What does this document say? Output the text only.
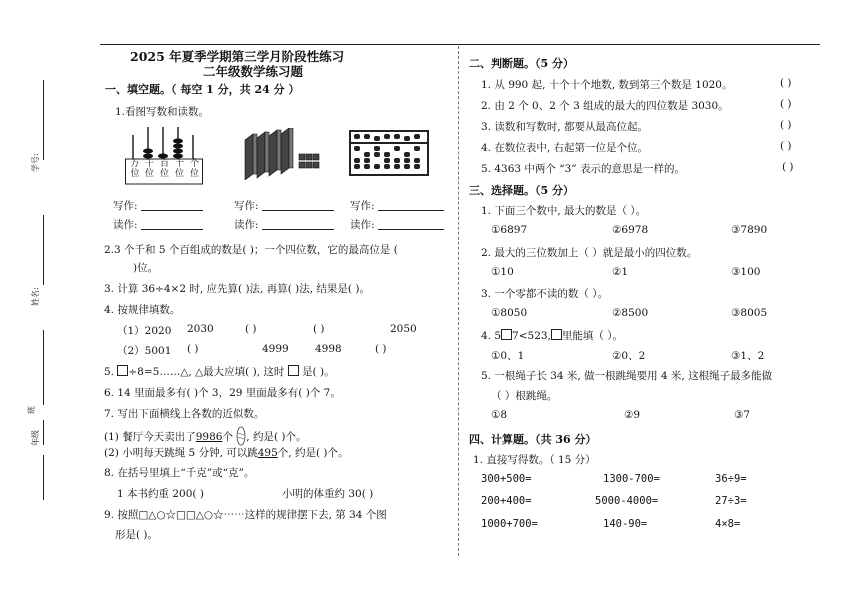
学号:
姓名:
班
年级
2025 年夏季学期第三学月阶段性练习
二年级数学练习题
一、填空题。（ 每空 1 分，共 24 分 ）
1.看图写数和读数。
万 千 百 十 个
位 位 位 位 位
写作:
读作:
写作:
读作:
写作:
读作:
2.3 个千和 5 个百组成的数是( )；一个四位数，它的最高位是 (
)位。
3. 计算 36÷4×2 时, 应先算( )法, 再算( )法, 结果是( )。
4. 按规律填数。
（1）2020 2030	( )	( )	2050
（2）5001 ( )	4999	4998	( )
5. ÷8=5……△, △最大应填( ), 这时 是( )。
6. 14 里面最多有( )个 3，29 里面最多有( )个 7。
7. 写出下面横线上各数的近似数。
(1) 餐厅今天卖出了9986个 , 约是( )个。
(2) 小明每天跳绳 5 分钟, 可以跳495个, 约是( )个。
8. 在括号里填上“千克”或“克”。
1 本书约重 200( )	小明的体重约 30( )
9. 按照□△○☆□□△○☆⋯⋯这样的规律摆下去, 第 34 个图
形是( )。
二、判断题。（5 分）
1. 从 990 起, 十个十个地数, 数到第三个数是 1020。	( )
2. 由 2 个 0、2 个 3 组成的最大的四位数是 3030。	( )
3. 读数和写数时, 都要从最高位起。	( )
4. 在数位表中, 右起第一位是个位。	( )
5. 4363 中两个 “3” 表示的意思是一样的。	( )
三、选择题。（5 分）
1. 下面三个数中, 最大的数是（ ）。
①6897	②6978	③7890
2. 最大的三位数加上（ ）就是最小的四位数。
①10	②1	③100
3. 一个零都不读的数（ ）。
①8050	②8500	③8005
4. 5 7<523, 里能填（ ）。
①0、1	②0、2	③1、2
5. 一根绳子长 34 米, 做一根跳绳要用 4 米, 这根绳子最多能做
（ ）根跳绳。
①8	②9	③7
四、计算题。（共 36 分）
1. 直接写得数。（ 15 分）
300+500=	1300-700=	36÷9=
200+400=	5000-4000=	27÷3=
1000+700=	140-90=	4×8=
